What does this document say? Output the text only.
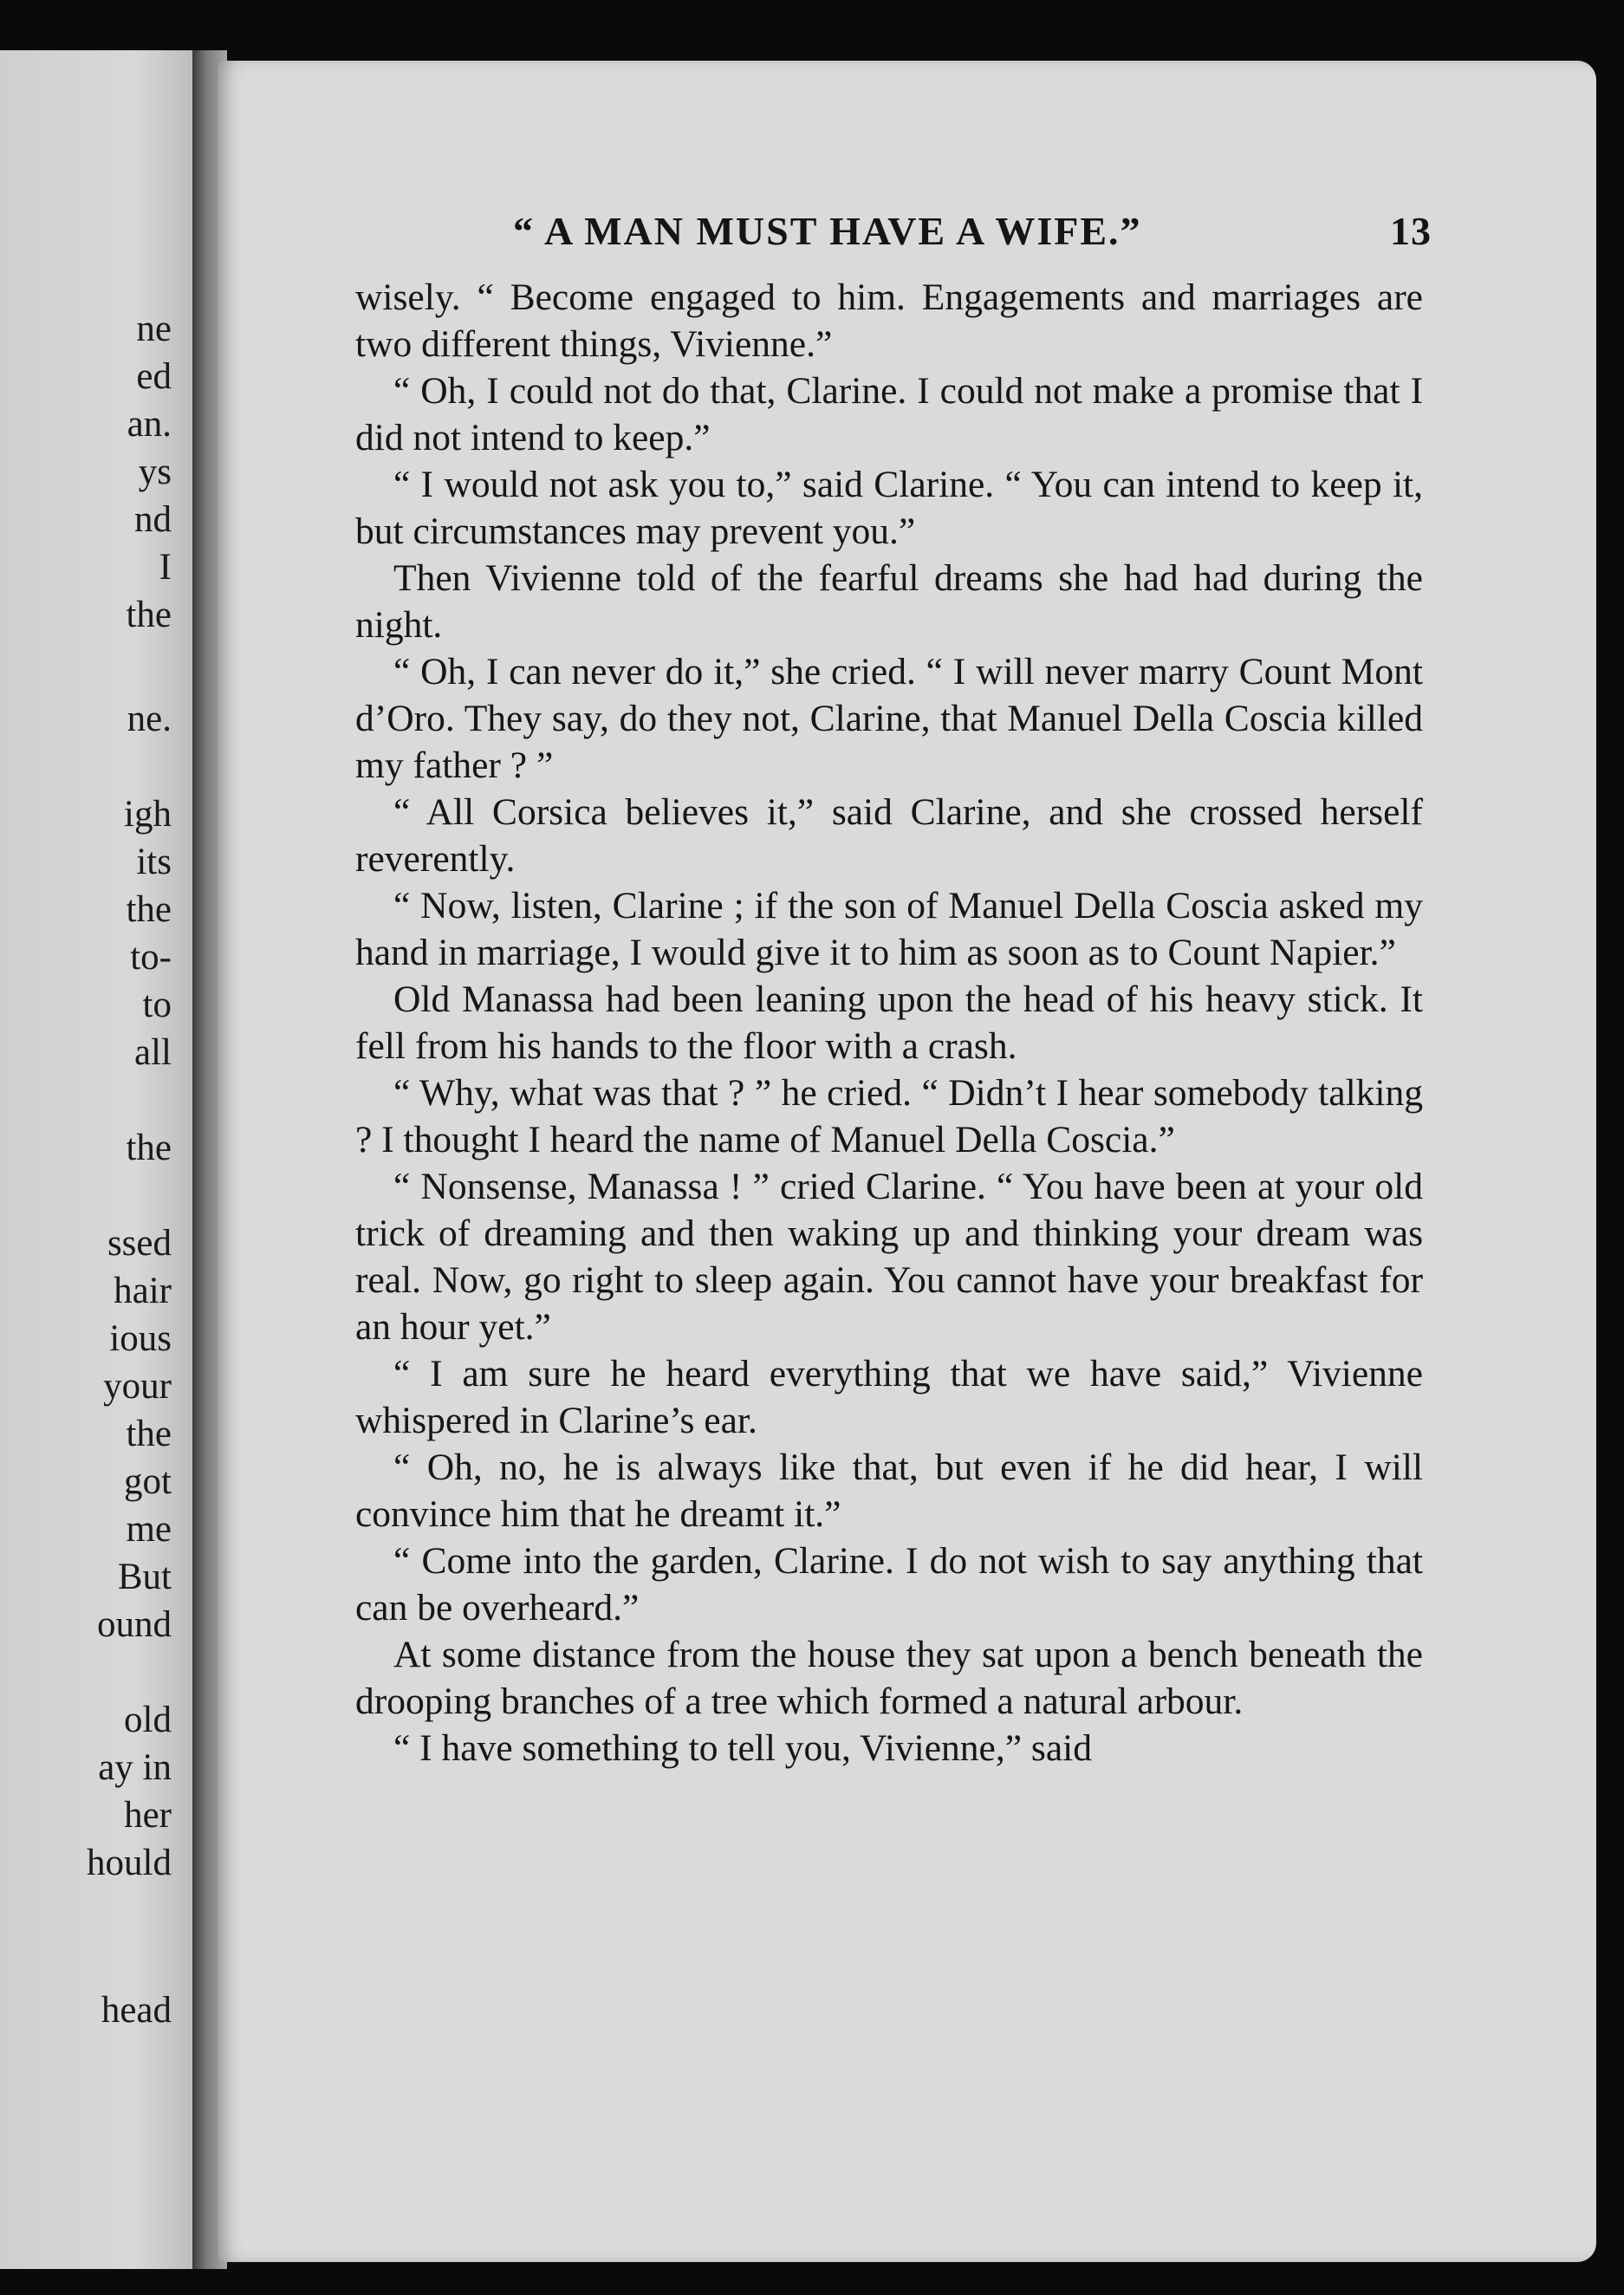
ne
ed
an.
ys
nd
I
the
ne.
igh
its
the
to-
to
all
the
ssed
hair
ious
your
the
got
me
But
ound
old
ay in
her
hould
head
“ A MAN MUST HAVE A WIFE.”	13

wisely. “ Become engaged to him. Engagements and marriages are two different things, Vivienne.”

“ Oh, I could not do that, Clarine. I could not make a promise that I did not intend to keep.”

“ I would not ask you to,” said Clarine. “ You can intend to keep it, but circumstances may prevent you.”

Then Vivienne told of the fearful dreams she had had during the night.

“ Oh, I can never do it,” she cried. “ I will never marry Count Mont d’Oro. They say, do they not, Clarine, that Manuel Della Coscia killed my father ? ”

“ All Corsica believes it,” said Clarine, and she crossed herself reverently.

“ Now, listen, Clarine ; if the son of Manuel Della Coscia asked my hand in marriage, I would give it to him as soon as to Count Napier.”

Old Manassa had been leaning upon the head of his heavy stick. It fell from his hands to the floor with a crash.

“ Why, what was that ? ” he cried. “ Didn’t I hear somebody talking ? I thought I heard the name of Manuel Della Coscia.”

“ Nonsense, Manassa ! ” cried Clarine. “ You have been at your old trick of dreaming and then waking up and thinking your dream was real. Now, go right to sleep again. You cannot have your breakfast for an hour yet.”

“ I am sure he heard everything that we have said,” Vivienne whispered in Clarine’s ear.

“ Oh, no, he is always like that, but even if he did hear, I will convince him that he dreamt it.”

“ Come into the garden, Clarine. I do not wish to say anything that can be overheard.”

At some distance from the house they sat upon a bench beneath the drooping branches of a tree which formed a natural arbour.

“ I have something to tell you, Vivienne,” said
